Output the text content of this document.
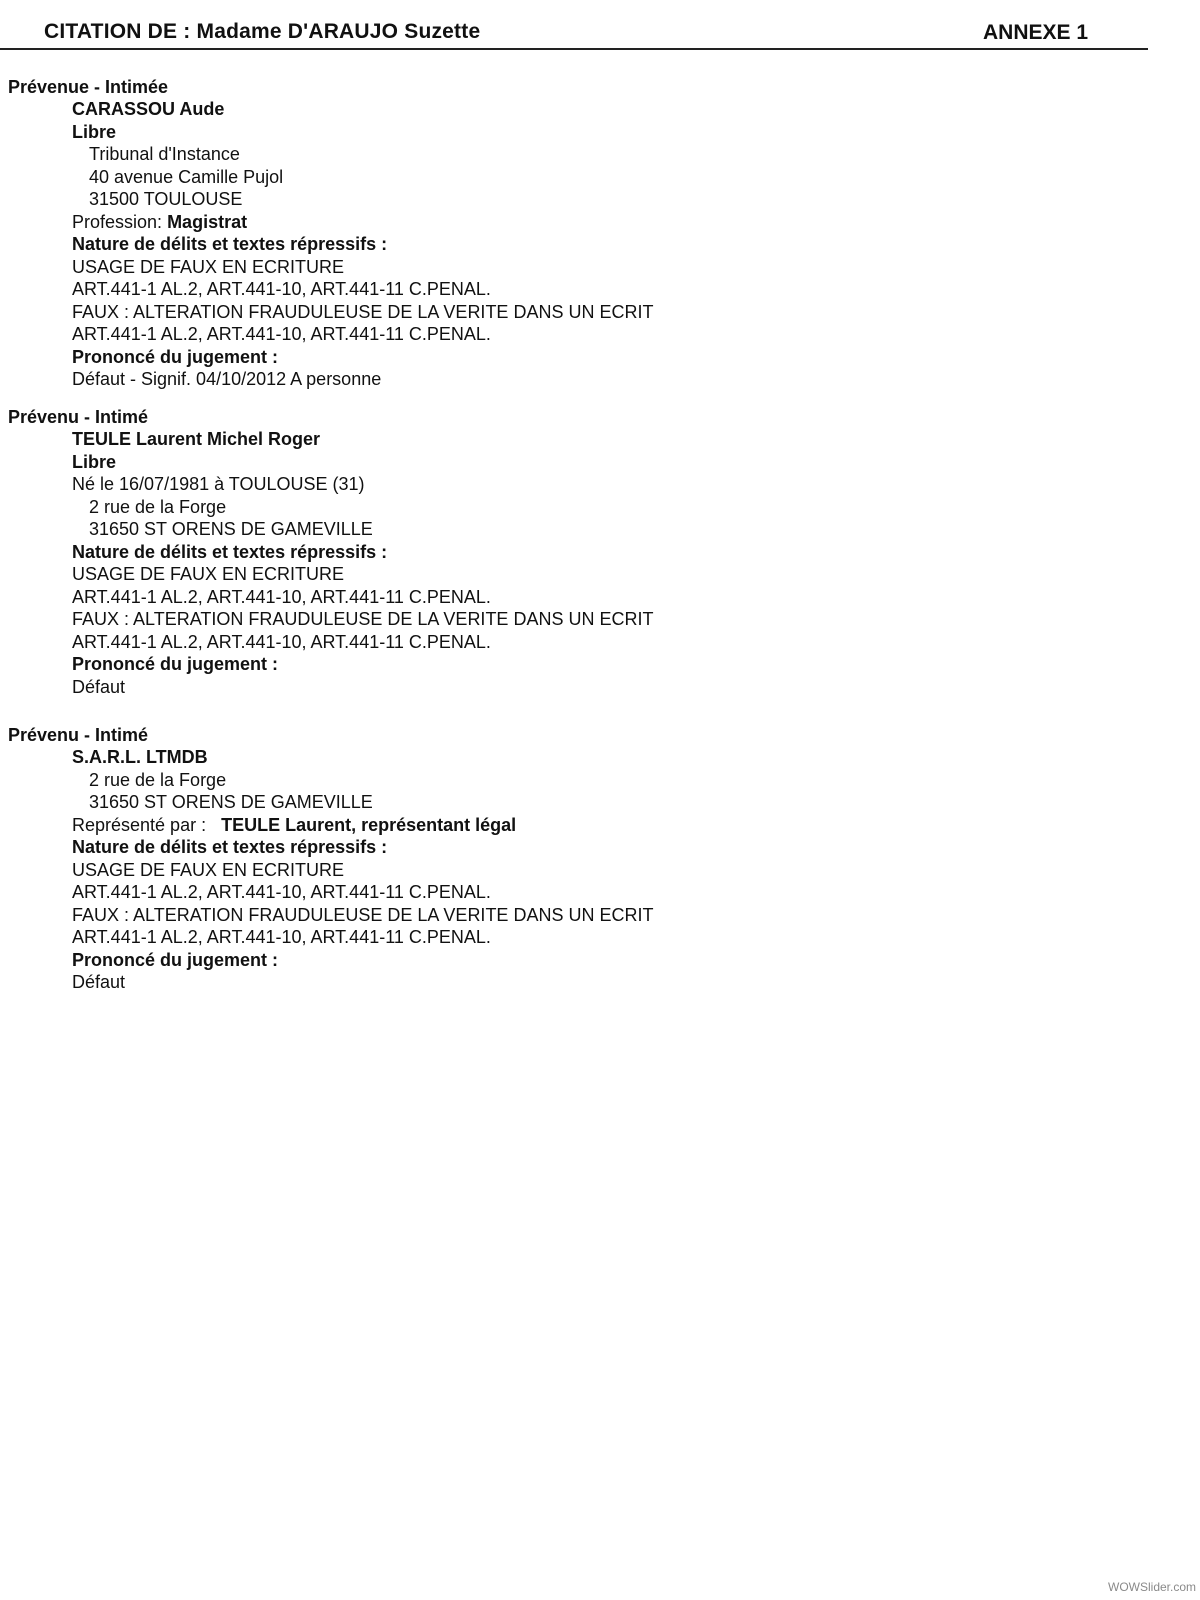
CITATION DE : Madame D'ARAUJO Suzette	ANNEXE 1

Prévenue - Intimée

CARASSOU Aude
Libre
Tribunal d'Instance
40 avenue Camille Pujol
31500 TOULOUSE
Profession: Magistrat
Nature de délits et textes répressifs :
USAGE DE FAUX EN ECRITURE
ART.441-1 AL.2, ART.441-10, ART.441-11 C.PENAL.
FAUX : ALTERATION FRAUDULEUSE DE LA VERITE DANS UN ECRIT
ART.441-1 AL.2, ART.441-10, ART.441-11 C.PENAL.
Prononcé du jugement :
Défaut - Signif. 04/10/2012 A personne

Prévenu - Intimé

TEULE Laurent Michel Roger
Libre
Né le 16/07/1981 à TOULOUSE (31)
2 rue de la Forge
31650 ST ORENS DE GAMEVILLE
Nature de délits et textes répressifs :
USAGE DE FAUX EN ECRITURE
ART.441-1 AL.2, ART.441-10, ART.441-11 C.PENAL.
FAUX : ALTERATION FRAUDULEUSE DE LA VERITE DANS UN ECRIT
ART.441-1 AL.2, ART.441-10, ART.441-11 C.PENAL.
Prononcé du jugement :
Défaut

Prévenu - Intimé

S.A.R.L. LTMDB
2 rue de la Forge
31650 ST ORENS DE GAMEVILLE
Représenté par : TEULE Laurent, représentant légal
Nature de délits et textes répressifs :
USAGE DE FAUX EN ECRITURE
ART.441-1 AL.2, ART.441-10, ART.441-11 C.PENAL.
FAUX : ALTERATION FRAUDULEUSE DE LA VERITE DANS UN ECRIT
ART.441-1 AL.2, ART.441-10, ART.441-11 C.PENAL.
Prononcé du jugement :
Défaut
WOWSlider.com
